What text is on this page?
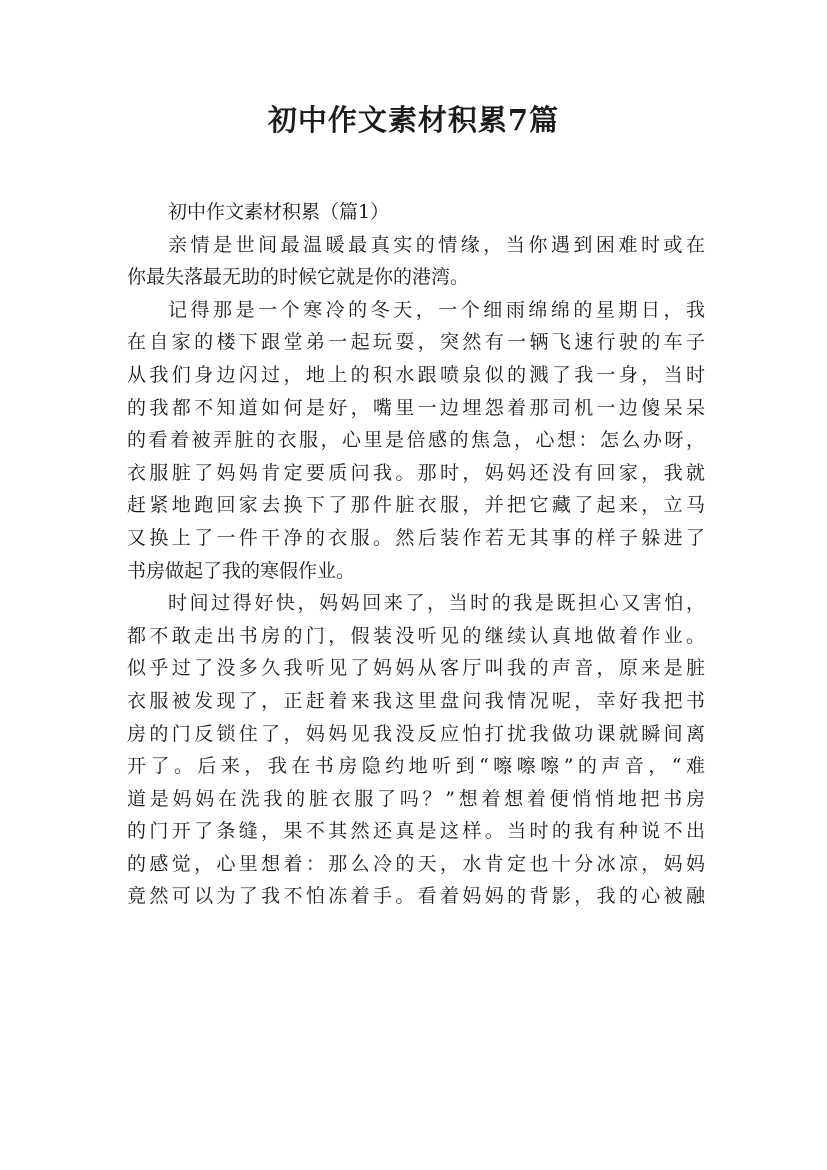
初中作文素材积累7篇
初中作文素材积累（篇1）
亲情是世间最温暖最真实的情缘，当你遇到困难时或在
你最失落最无助的时候它就是你的港湾。
记得那是一个寒冷的冬天，一个细雨绵绵的星期日，我
在自家的楼下跟堂弟一起玩耍，突然有一辆飞速行驶的车子
从我们身边闪过，地上的积水跟喷泉似的溅了我一身，当时
的我都不知道如何是好，嘴里一边埋怨着那司机一边傻呆呆
的看着被弄脏的衣服，心里是倍感的焦急，心想：怎么办呀，
衣服脏了妈妈肯定要质问我。那时，妈妈还没有回家，我就
赶紧地跑回家去换下了那件脏衣服，并把它藏了起来，立马
又换上了一件干净的衣服。然后装作若无其事的样子躲进了
书房做起了我的寒假作业。
时间过得好快，妈妈回来了，当时的我是既担心又害怕，
都不敢走出书房的门，假装没听见的继续认真地做着作业。
似乎过了没多久我听见了妈妈从客厅叫我的声音，原来是脏
衣服被发现了，正赶着来我这里盘问我情况呢，幸好我把书
房的门反锁住了，妈妈见我没反应怕打扰我做功课就瞬间离
开了。后来，我在书房隐约地听到“嚓嚓嚓”的声音，“难
道是妈妈在洗我的脏衣服了吗？”想着想着便悄悄地把书房
的门开了条缝，果不其然还真是这样。当时的我有种说不出
的感觉，心里想着：那么冷的天，水肯定也十分冰凉，妈妈
竟然可以为了我不怕冻着手。看着妈妈的背影，我的心被融
